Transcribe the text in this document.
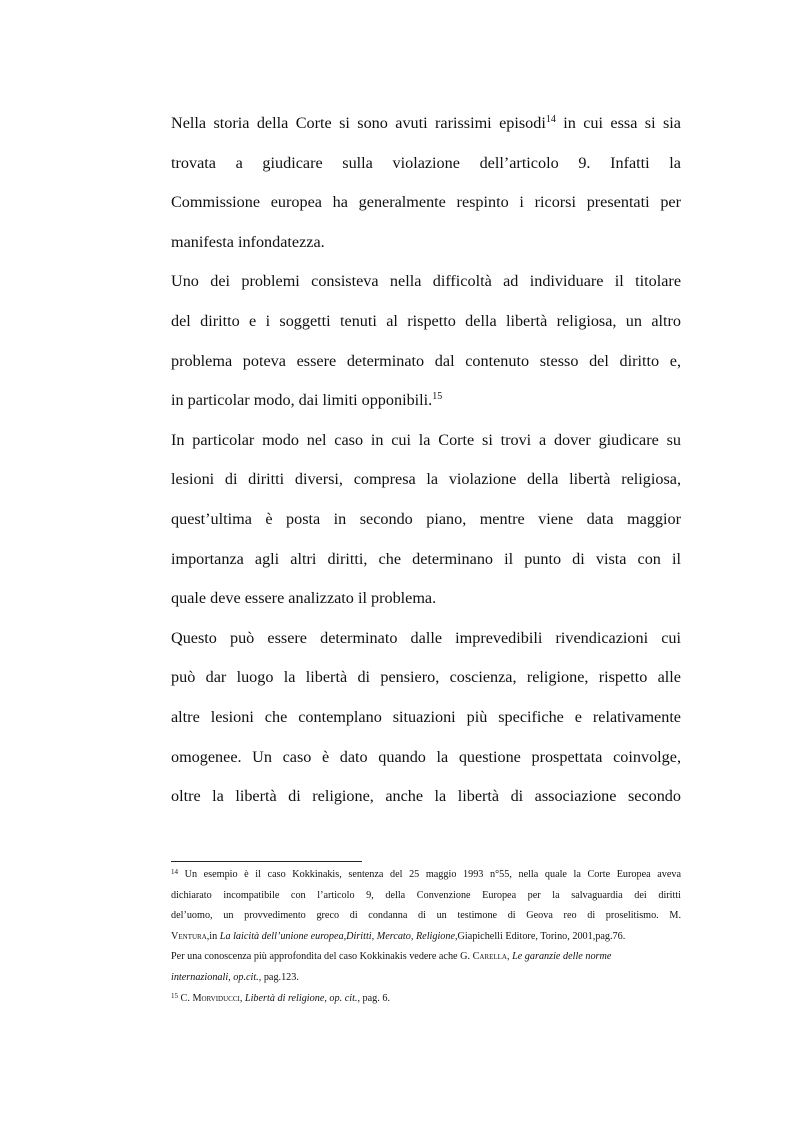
Nella storia della Corte si sono avuti rarissimi episodi$^{14}$ in cui essa si sia
trovata a giudicare sulla violazione dell’articolo 9. Infatti la
Commissione europea ha generalmente respinto i ricorsi presentati per
manifesta infondatezza.
Uno dei problemi consisteva nella difficoltà ad individuare il titolare
del diritto e i soggetti tenuti al rispetto della libertà religiosa, un altro
problema poteva essere determinato dal contenuto stesso del diritto e,
in particolar modo, dai limiti opponibili.$^{15}$
In particolar modo nel caso in cui la Corte si trovi a dover giudicare su
lesioni di diritti diversi, compresa la violazione della libertà religiosa,
quest’ultima è posta in secondo piano, mentre viene data maggior
importanza agli altri diritti, che determinano il punto di vista con il
quale deve essere analizzato il problema.
Questo può essere determinato dalle imprevedibili rivendicazioni cui
può dar luogo la libertà di pensiero, coscienza, religione, rispetto alle
altre lesioni che contemplano situazioni più specifiche e relativamente
omogenee. Un caso è dato quando la questione prospettata coinvolge,
oltre la libertà di religione, anche la libertà di associazione secondo
$^{14}$ Un esempio è il caso Kokkinakis, sentenza del 25 maggio 1993 n°55, nella quale la Corte Europea aveva
dichiarato incompatibile con l’articolo 9, della Convenzione Europea per la salvaguardia dei diritti
del’uomo, un provvedimento greco di condanna di un testimone di Geova reo di proselitismo. M.
Ventura,in La laicità dell’unione europea,Diritti, Mercato, Religione,Giapichelli Editore, Torino, 2001,pag.76.
Per una conoscenza più approfondita del caso Kokkinakis vedere ache G. Carella, Le garanzie delle norme
internazionali, op.cit., pag.123.
$^{15}$ C. Morviducci, Libertà di religione, op. cit., pag. 6.
